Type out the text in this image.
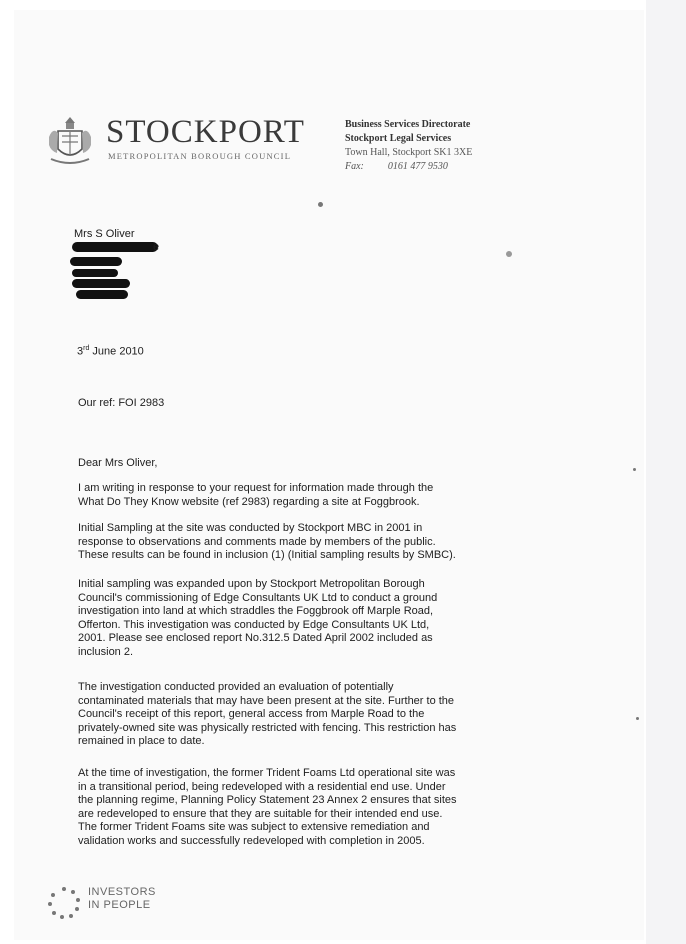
STOCKPORT
METROPOLITAN BOROUGH COUNCIL
Business Services Directorate
Stockport Legal Services
Town Hall, Stockport SK1 3XE
Fax: 0161 477 9530
Mrs S Oliver
e
3rd June 2010
Our ref: FOI 2983
Dear Mrs Oliver,
I am writing in response to your request for information made through the
What Do They Know website (ref 2983) regarding a site at Foggbrook.
Initial Sampling at the site was conducted by Stockport MBC in 2001 in
response to observations and comments made by members of the public.
These results can be found in inclusion (1) (Initial sampling results by SMBC).
Initial sampling was expanded upon by Stockport Metropolitan Borough
Council's commissioning of Edge Consultants UK Ltd to conduct a ground
investigation into land at which straddles the Foggbrook off Marple Road,
Offerton. This investigation was conducted by Edge Consultants UK Ltd,
2001. Please see enclosed report No.312.5 Dated April 2002 included as
inclusion 2.
The investigation conducted provided an evaluation of potentially
contaminated materials that may have been present at the site. Further to the
Council's receipt of this report, general access from Marple Road to the
privately-owned site was physically restricted with fencing. This restriction has
remained in place to date.
At the time of investigation, the former Trident Foams Ltd operational site was
in a transitional period, being redeveloped with a residential end use. Under
the planning regime, Planning Policy Statement 23 Annex 2 ensures that sites
are redeveloped to ensure that they are suitable for their intended end use.
The former Trident Foams site was subject to extensive remediation and
validation works and successfully redeveloped with completion in 2005.
INVESTORS
IN PEOPLE
